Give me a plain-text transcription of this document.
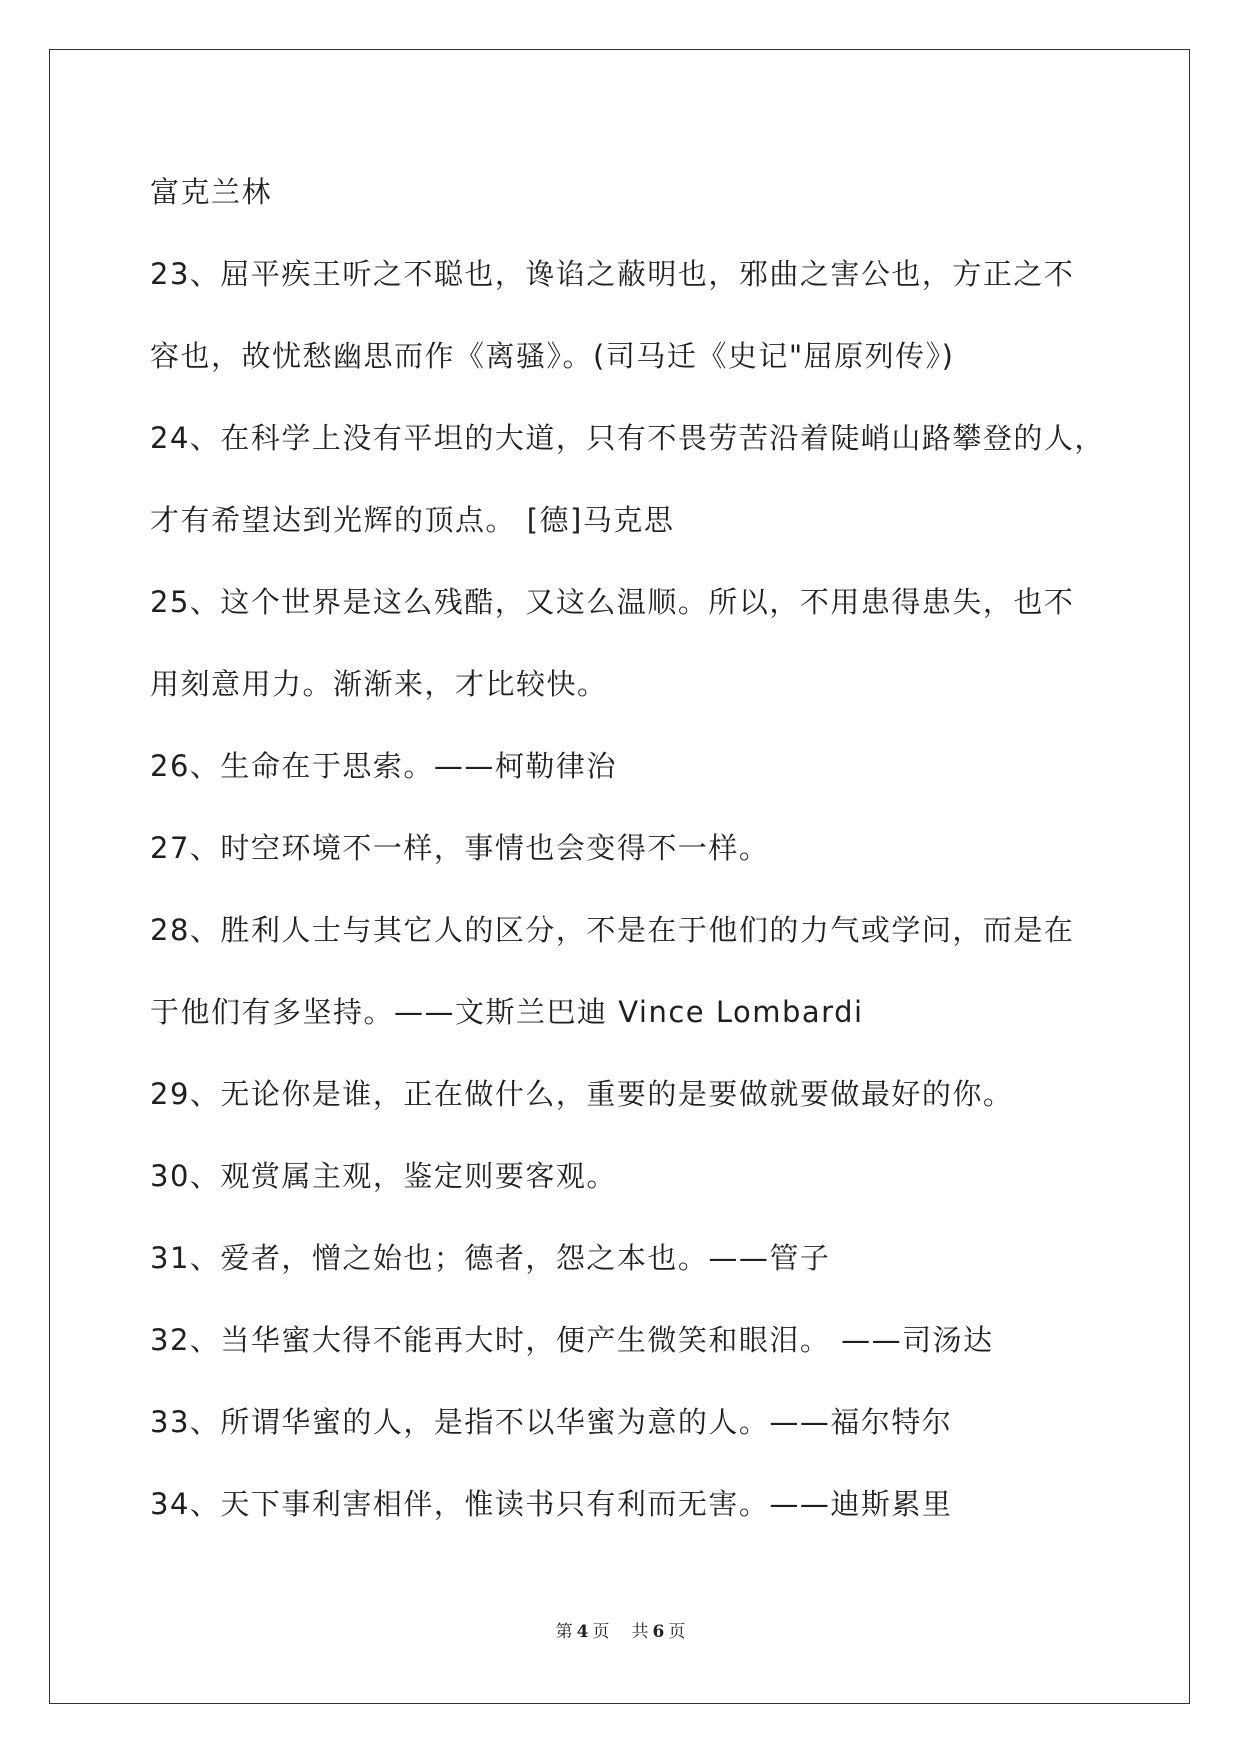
富克兰林
23、屈平疾王听之不聪也，谗谄之蔽明也，邪曲之害公也，方正之不
容也，故忧愁幽思而作《离骚》。(司马迁《史记"屈原列传》)
24、在科学上没有平坦的大道，只有不畏劳苦沿着陡峭山路攀登的人，
才有希望达到光辉的顶点。 [德]马克思
25、这个世界是这么残酷，又这么温顺。所以，不用患得患失，也不
用刻意用力。渐渐来，才比较快。
26、生命在于思索。——柯勒律治
27、时空环境不一样，事情也会变得不一样。
28、胜利人士与其它人的区分，不是在于他们的力气或学问，而是在
于他们有多坚持。——文斯兰巴迪 Vince Lombardi
29、无论你是谁，正在做什么，重要的是要做就要做最好的你。
30、观赏属主观，鉴定则要客观。
31、爱者，憎之始也；德者，怨之本也。——管子
32、当华蜜大得不能再大时，便产生微笑和眼泪。 ——司汤达
33、所谓华蜜的人，是指不以华蜜为意的人。——福尔特尔
34、天下事利害相伴，惟读书只有利而无害。——迪斯累里
第 4 页 共 6 页
